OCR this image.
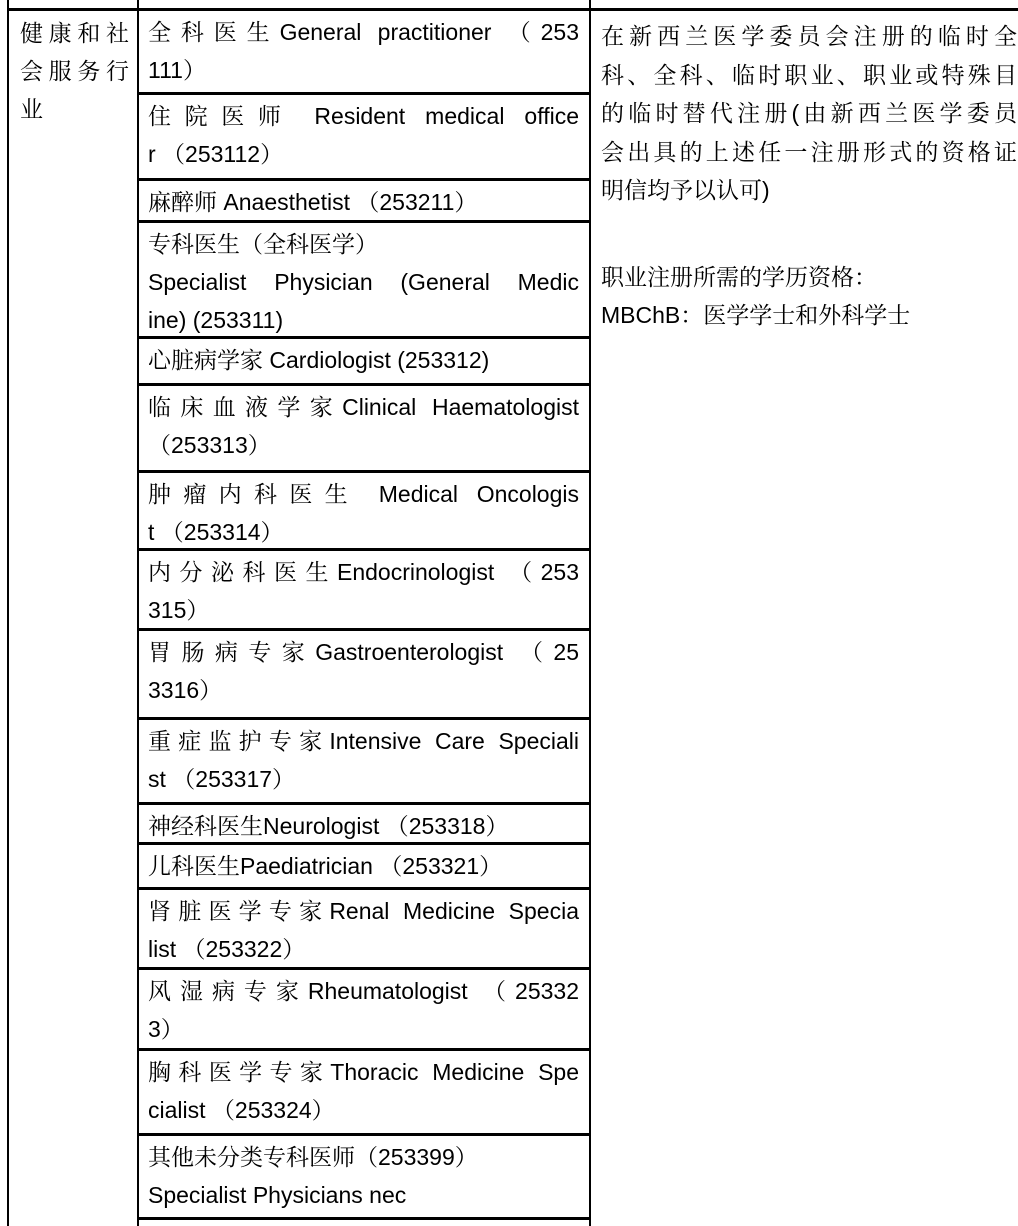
健康和社
会服务行
业
全科医生General practitioner （253
111）
住院医师 Resident medical office
r （253112）
麻醉师 Anaesthetist （253211）
专科医生（全科医学）
Specialist Physician (General Medic
ine) (253311)
心脏病学家 Cardiologist (253312)
临床血液学家Clinical Haematologist
（253313）
肿瘤内科医生 Medical Oncologis
t （253314）
内分泌科医生Endocrinologist （253
315）
胃肠病专家Gastroenterologist （25
3316）
重症监护专家Intensive Care Speciali
st （253317）
神经科医生Neurologist （253318）
儿科医生Paediatrician （253321）
肾脏医学专家Renal Medicine Specia
list （253322）
风湿病专家Rheumatologist （25332
3）
胸科医学专家Thoracic Medicine Spe
cialist （253324）
其他未分类专科医师（253399）
Specialist Physicians nec
在新西兰医学委员会注册的临时全
科、全科、临时职业、职业或特殊目
的临时替代注册(由新西兰医学委员
会出具的上述任一注册形式的资格证
明信均予以认可)
职业注册所需的学历资格：
MBChB：医学学士和外科学士
